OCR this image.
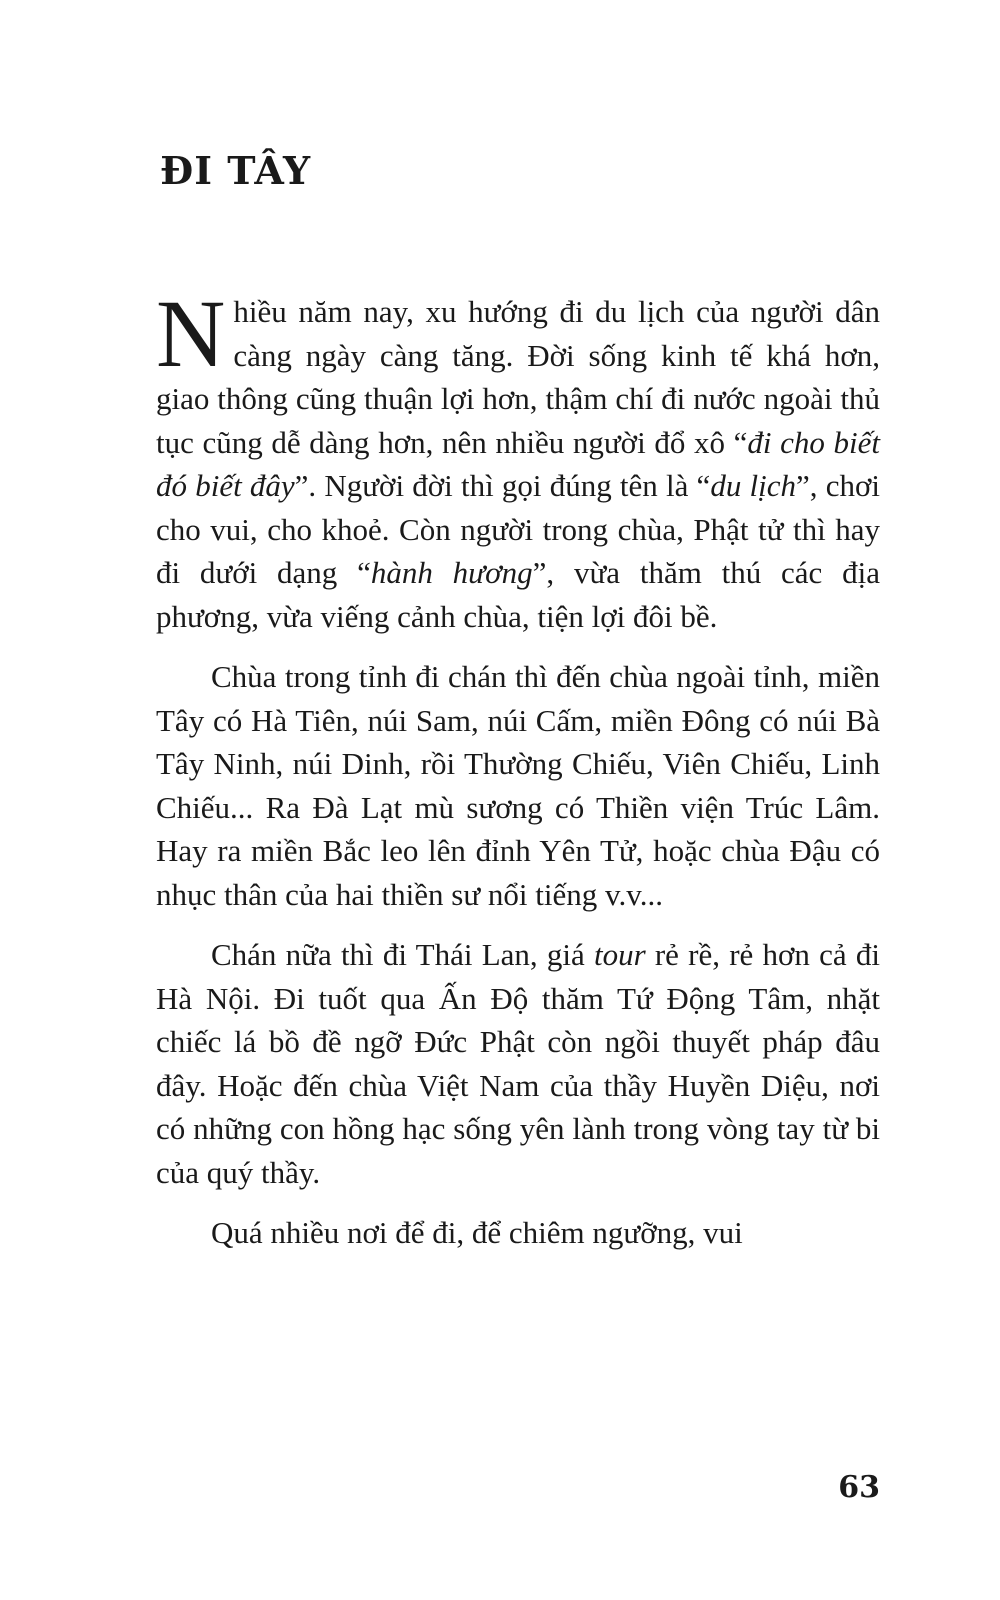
ĐI TÂY

Nhiều năm nay, xu hướng đi du lịch của người dân càng ngày càng tăng. Đời sống kinh tế khá hơn, giao thông cũng thuận lợi hơn, thậm chí đi nước ngoài thủ tục cũng dễ dàng hơn, nên nhiều người đổ xô “đi cho biết đó biết đây”. Người đời thì gọi đúng tên là “du lịch”, chơi cho vui, cho khoẻ. Còn người trong chùa, Phật tử thì hay đi dưới dạng “hành hương”, vừa thăm thú các địa phương, vừa viếng cảnh chùa, tiện lợi đôi bề.

Chùa trong tỉnh đi chán thì đến chùa ngoài tỉnh, miền Tây có Hà Tiên, núi Sam, núi Cấm, miền Đông có núi Bà Tây Ninh, núi Dinh, rồi Thường Chiếu, Viên Chiếu, Linh Chiếu... Ra Đà Lạt mù sương có Thiền viện Trúc Lâm. Hay ra miền Bắc leo lên đỉnh Yên Tử, hoặc chùa Đậu có nhục thân của hai thiền sư nổi tiếng v.v...

Chán nữa thì đi Thái Lan, giá tour rẻ rề, rẻ hơn cả đi Hà Nội. Đi tuốt qua Ấn Độ thăm Tứ Động Tâm, nhặt chiếc lá bồ đề ngỡ Đức Phật còn ngồi thuyết pháp đâu đây. Hoặc đến chùa Việt Nam của thầy Huyền Diệu, nơi có những con hồng hạc sống yên lành trong vòng tay từ bi của quý thầy.

Quá nhiều nơi để đi, để chiêm ngưỡng, vui

63
